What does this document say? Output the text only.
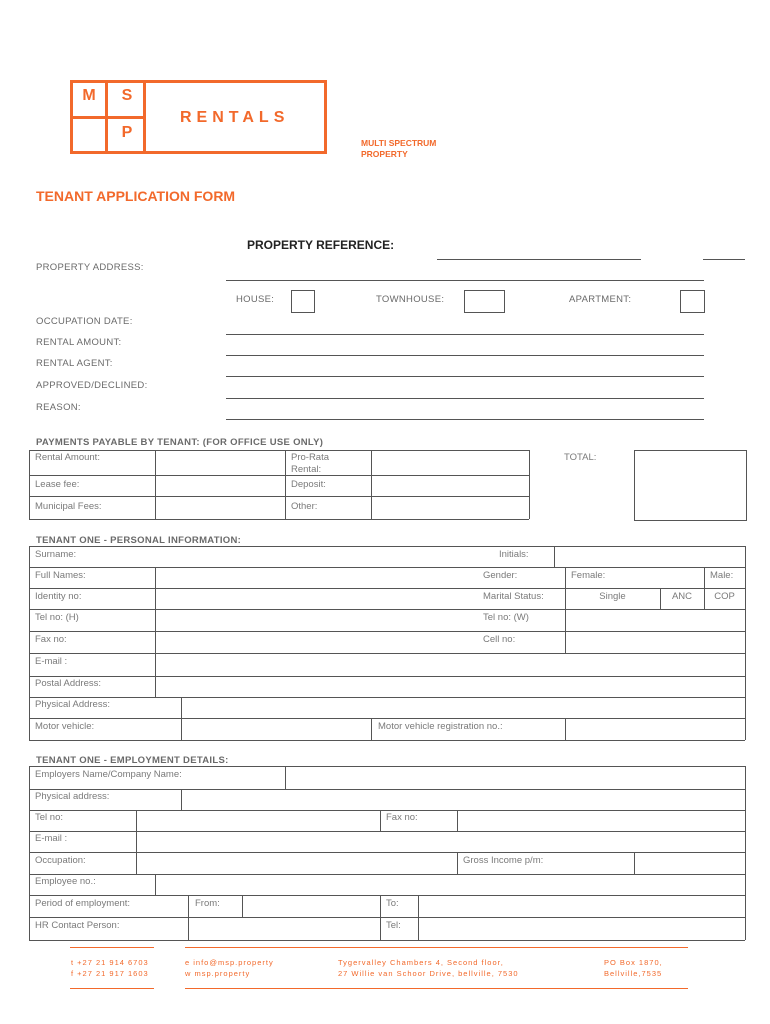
M	S
P
RENTALS
MULTI SPECTRUM
PROPERTY
TENANT APPLICATION FORM
PROPERTY REFERENCE:
PROPERTY ADDRESS:
HOUSE:	TOWNHOUSE:	APARTMENT:
OCCUPATION DATE:
RENTAL AMOUNT:
RENTAL AGENT:
APPROVED/DECLINED:
REASON:
PAYMENTS PAYABLE BY TENANT: (FOR OFFICE USE ONLY)
Rental Amount:	Pro-Rata
Rental:
TOTAL:
Lease fee:	Deposit:
Municipal Fees:	Other:
TENANT ONE - PERSONAL INFORMATION:
Surname:	Initials:
Full Names:	Gender:	Female:	Male:
Identity no:	Marital Status:	Single	ANC	COP
Tel no: (H)	Tel no: (W)
Fax no:	Cell no:
E-mail :
Postal Address:
Physical Address:
Motor vehicle:	Motor vehicle registration no.:
TENANT ONE - EMPLOYMENT DETAILS:
Employers Name/Company Name:
Physical address:
Tel no:	Fax no:
E-mail :
Occupation:	Gross Income p/m:
Employee no.:
Period of employment:	From:	To:
HR Contact Person:	Tel:
t +27 21 914 6703
f +27 21 917 1603
e info@msp.property
w msp.property
Tygervalley Chambers 4, Second floor,
27 Willie van Schoor Drive, bellville, 7530
PO Box 1870,
Bellville,7535
